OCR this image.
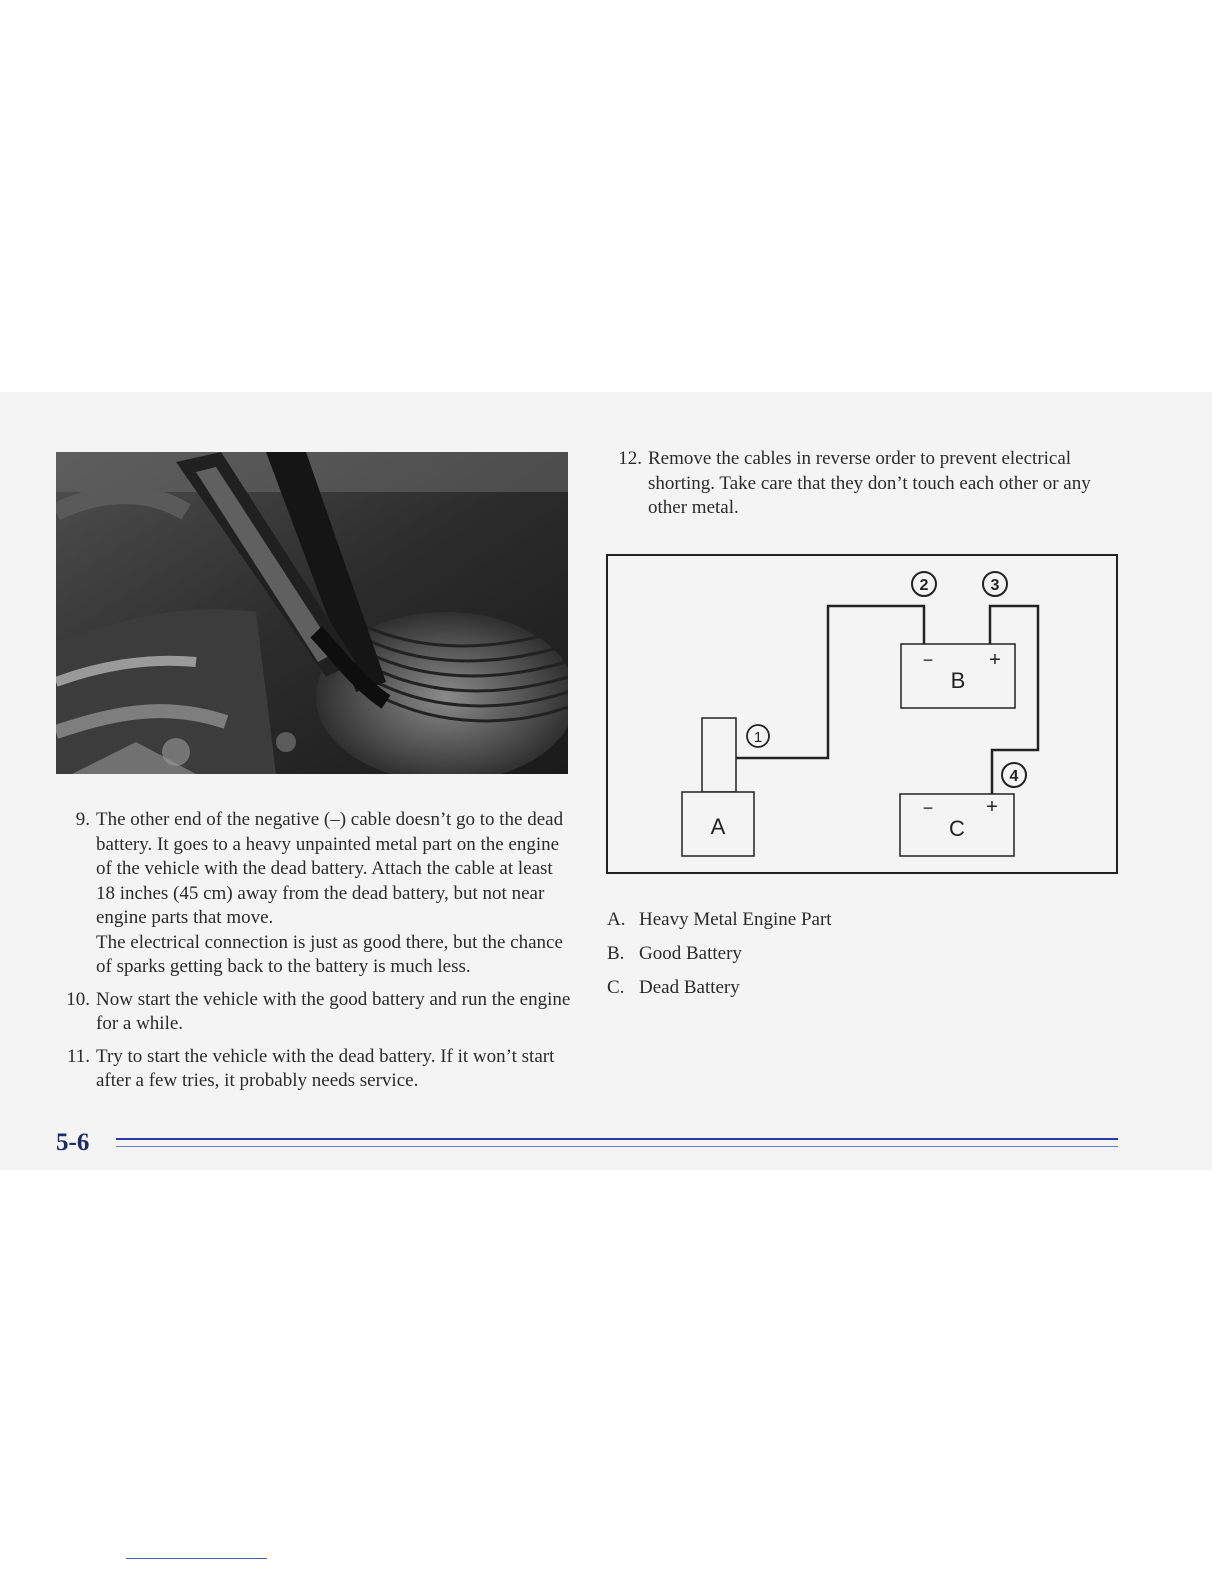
9. The other end of the negative (–) cable doesn’t go to the dead battery. It goes to a heavy unpainted metal part on the engine of the vehicle with the dead battery. Attach the cable at least 18 inches (45 cm) away from the dead battery, but not near engine parts that move.

The electrical connection is just as good there, but the chance of sparks getting back to the battery is much less.

10. Now start the vehicle with the good battery and run the engine for a while.

11. Try to start the vehicle with the dead battery. If it won’t start after a few tries, it probably needs service.

12. Remove the cables in reverse order to prevent electrical shorting. Take care that they don’t touch each other or any other metal.

B
−	+
C
−	+
A
1
2	3
4
A. Heavy Metal Engine Part
B. Good Battery
C. Dead Battery
5-6
